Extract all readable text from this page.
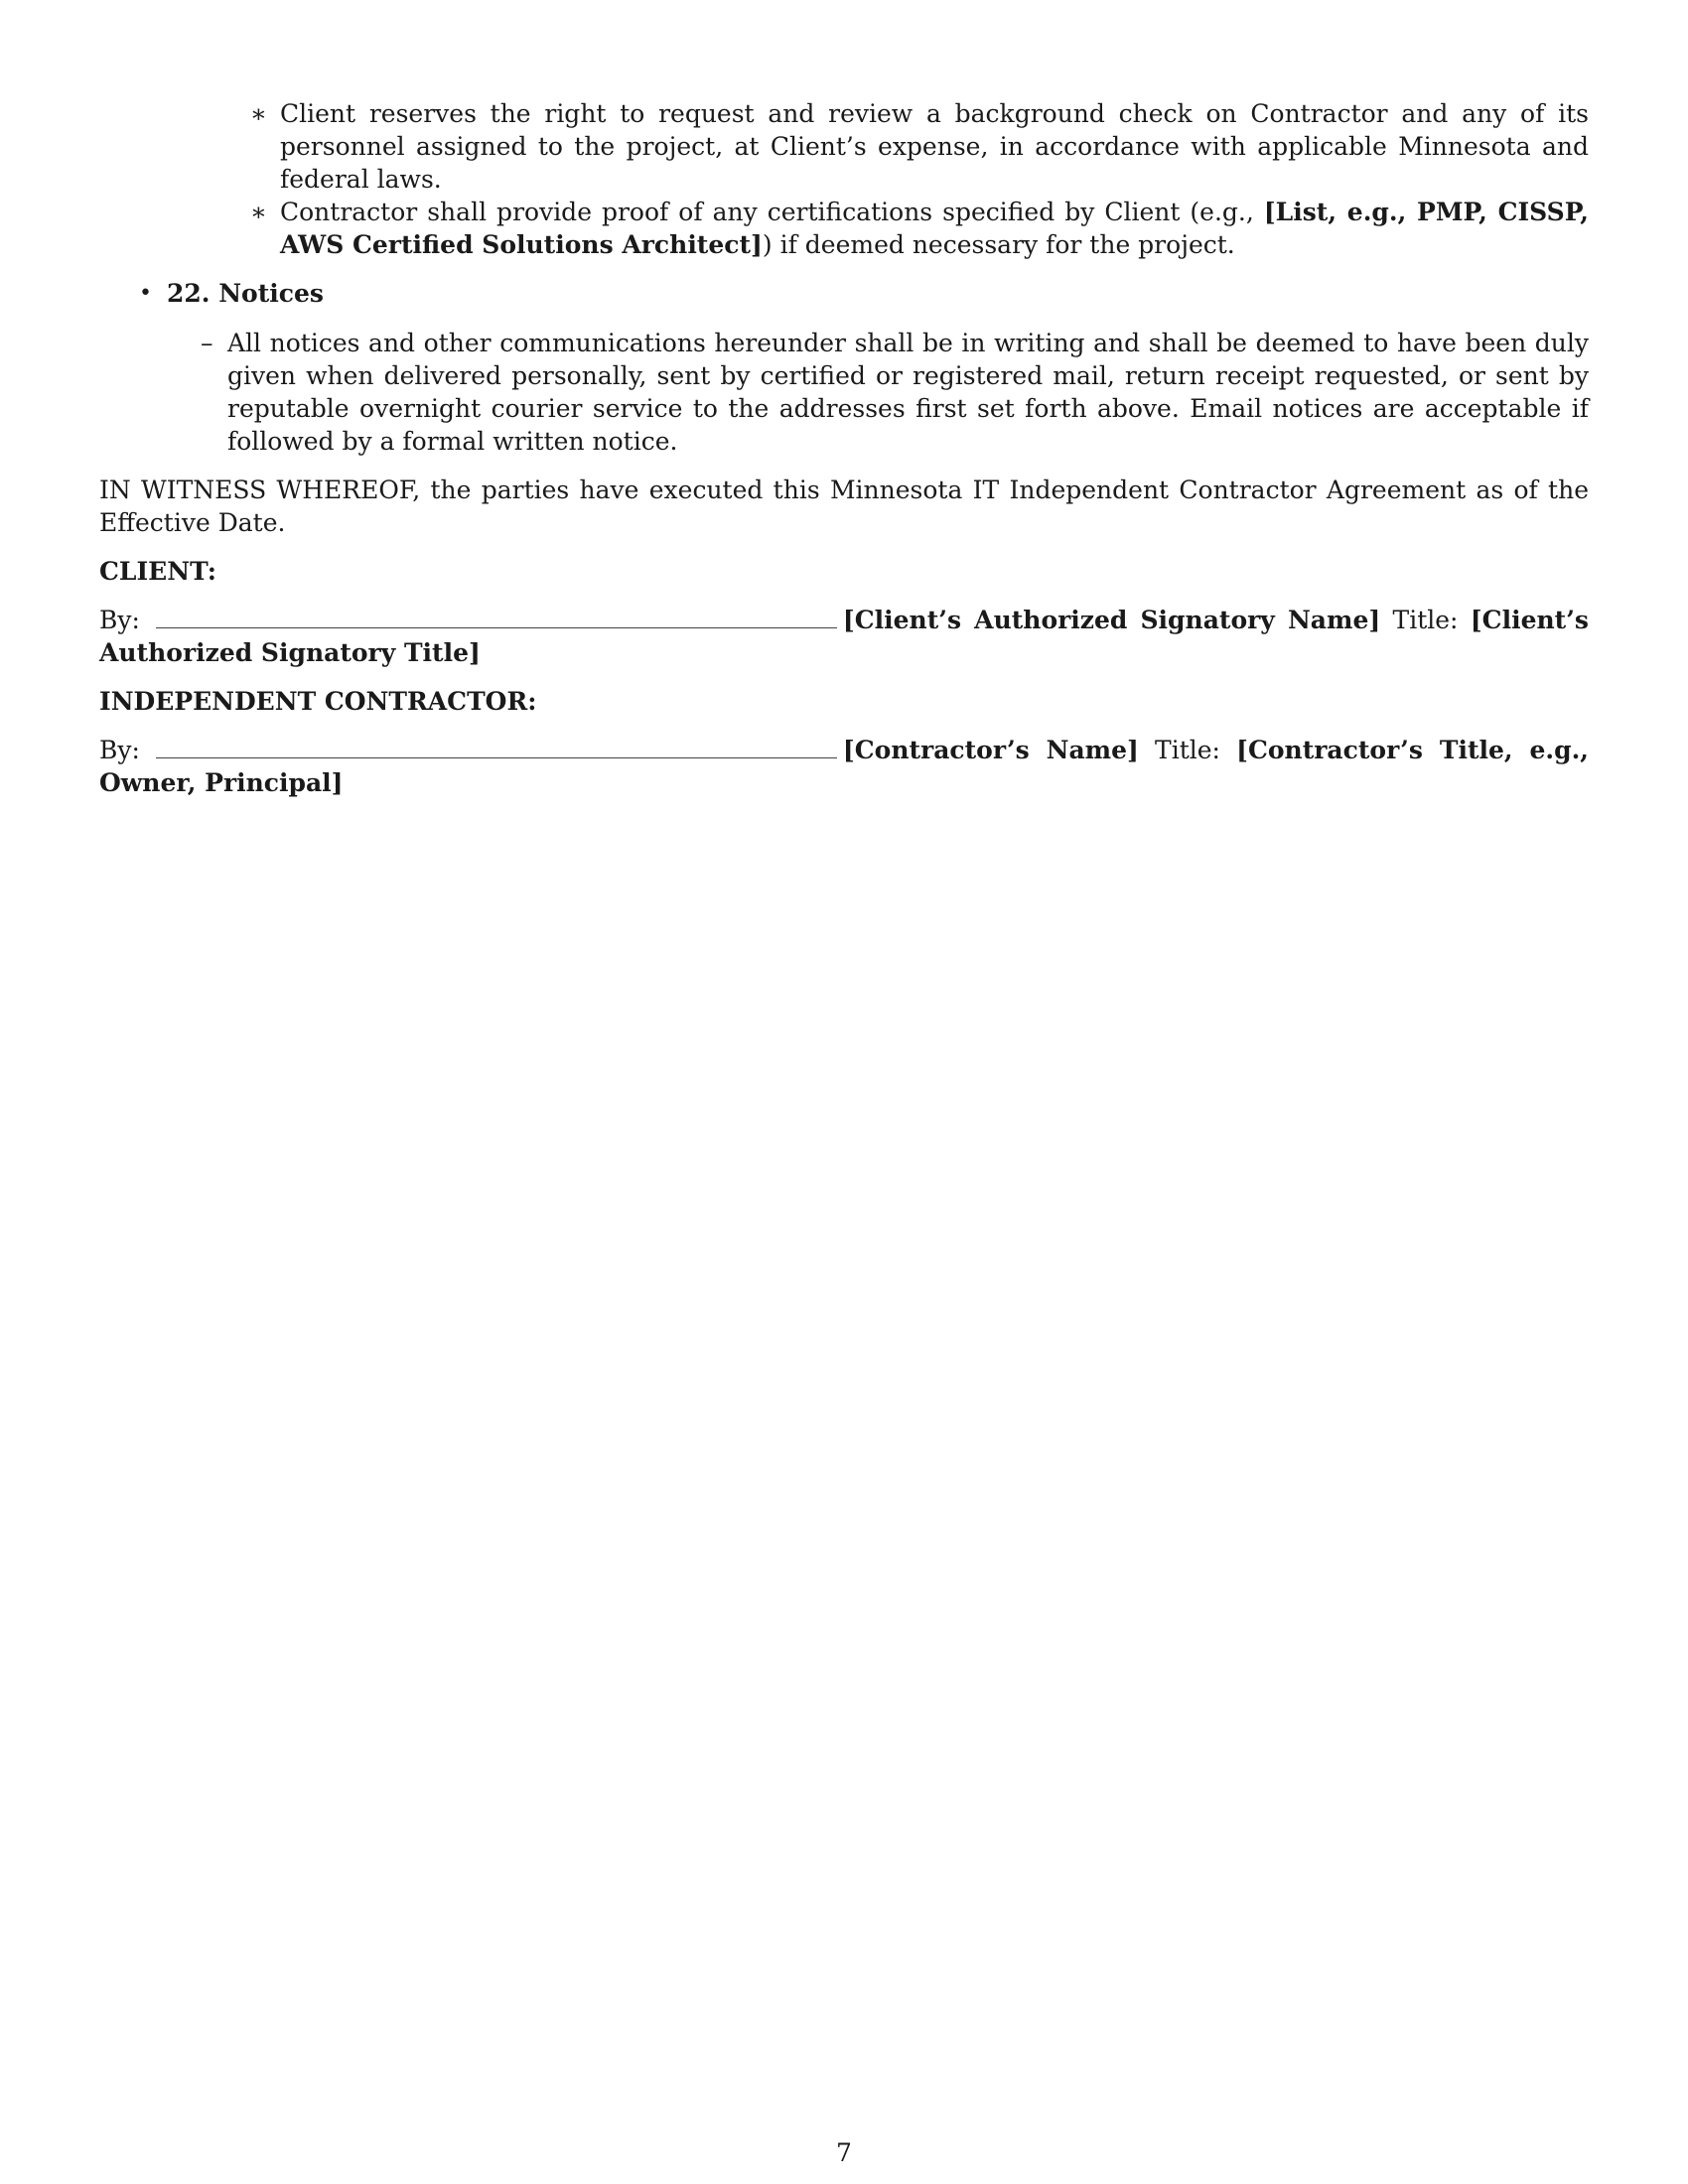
∗ Client reserves the right to request and review a background check on Contractor and any of its personnel assigned to the project, at Client’s expense, in accordance with applicable Minnesota and federal laws.
∗ Contractor shall provide proof of any certifications specified by Client (e.g., [List, e.g., PMP, CISSP, AWS Certified Solutions Architect]) if deemed necessary for the project.
• 22. Notices
– All notices and other communications hereunder shall be in writing and shall be deemed to have been duly given when delivered personally, sent by certified or registered mail, return receipt requested, or sent by reputable overnight courier service to the addresses first set forth above. Email notices are acceptable if followed by a formal written notice.
IN WITNESS WHEREOF, the parties have executed this Minnesota IT Independent Contractor Agreement as of the Effective Date.
CLIENT:
By:	[Client’s Authorized Signatory Name] Title: [Client’s Authorized Signatory Title]
INDEPENDENT CONTRACTOR:
By:	[Contractor’s Name] Title: [Contractor’s Title, e.g., Owner, Principal]
7
